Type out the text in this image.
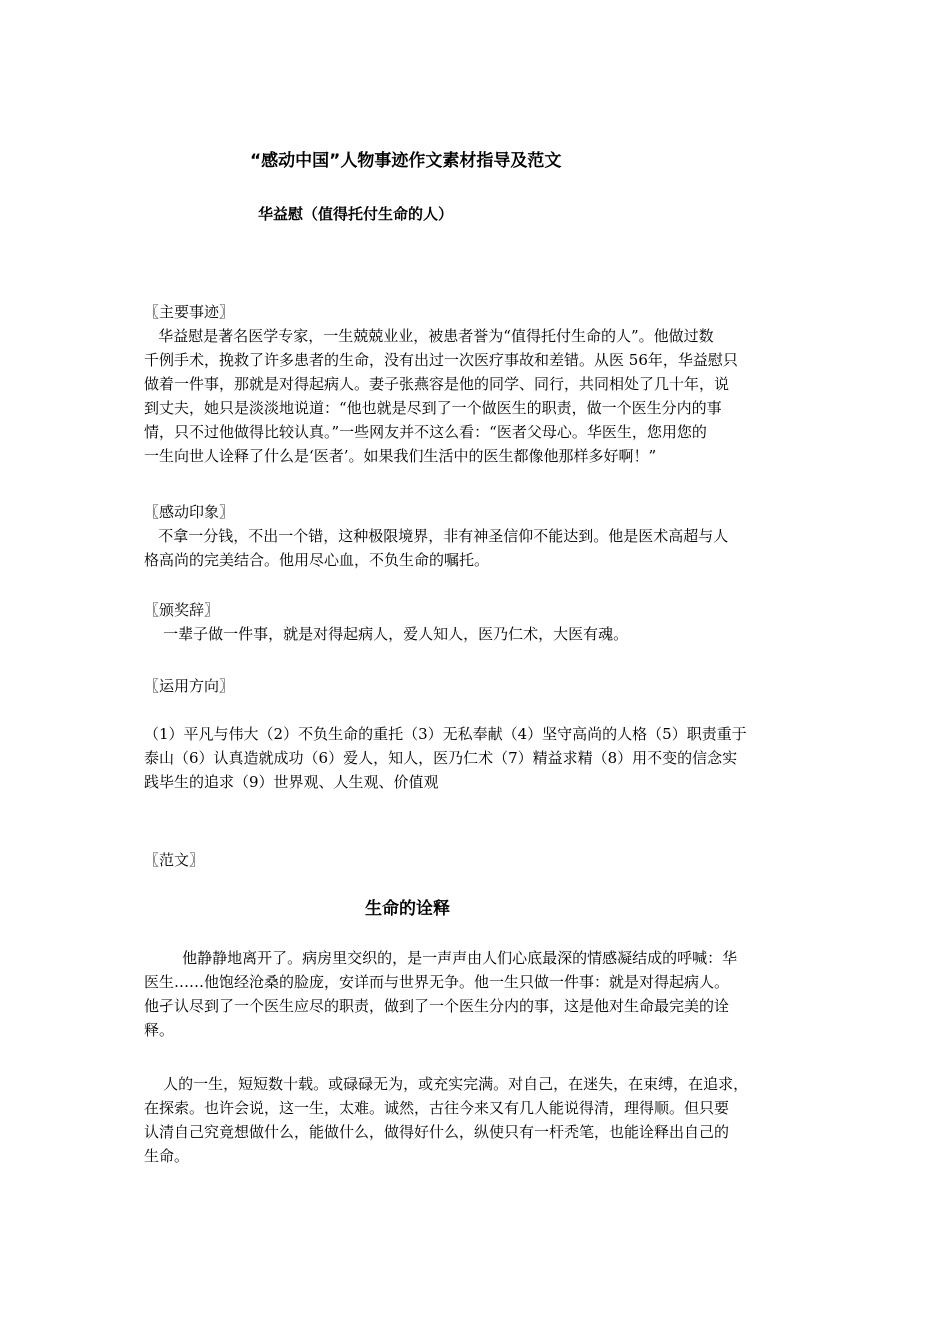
“感动中国”人物事迹作文素材指导及范文
华益慰（值得托付生命的人）
〖主要事迹〗
华益慰是著名医学专家，一生兢兢业业，被患者誉为“值得托付生命的人”。他做过数
千例手术，挽救了许多患者的生命，没有出过一次医疗事故和差错。从医 56年，华益慰只
做着一件事，那就是对得起病人。妻子张燕容是他的同学、同行，共同相处了几十年，说
到丈夫，她只是淡淡地说道：“他也就是尽到了一个做医生的职责，做一个医生分内的事
情，只不过他做得比较认真。”一些网友并不这么看：“医者父母心。华医生，您用您的
一生向世人诠释了什么是‘医者’。如果我们生活中的医生都像他那样多好啊！”
〖感动印象〗
不拿一分钱，不出一个错，这种极限境界，非有神圣信仰不能达到。他是医术高超与人
格高尚的完美结合。他用尽心血，不负生命的嘱托。
〖颁奖辞〗
一辈子做一件事，就是对得起病人，爱人知人，医乃仁术，大医有魂。
〖运用方向〗
（1）平凡与伟大（2）不负生命的重托（3）无私奉献（4）坚守高尚的人格（5）职责重于
泰山（6）认真造就成功（6）爱人，知人，医乃仁术（7）精益求精（8）用不变的信念实
践毕生的追求（9）世界观、人生观、价值观
〖范文〗
生命的诠释
他静静地离开了。病房里交织的，是一声声由人们心底最深的情感凝结成的呼喊：华
医生……他饱经沧桑的脸庞，安详而与世界无争。他一生只做一件事：就是对得起病人。
他孑认尽到了一个医生应尽的职责，做到了一个医生分内的事，这是他对生命最完美的诠
释。
人的一生，短短数十载。或碌碌无为，或充实完满。对自己，在迷失，在束缚，在追求，
在探索。也许会说，这一生，太难。诚然，古往今来又有几人能说得清，理得顺。但只要
认清自己究竟想做什么，能做什么，做得好什么，纵使只有一杆秃笔，也能诠释出自己的
生命。
